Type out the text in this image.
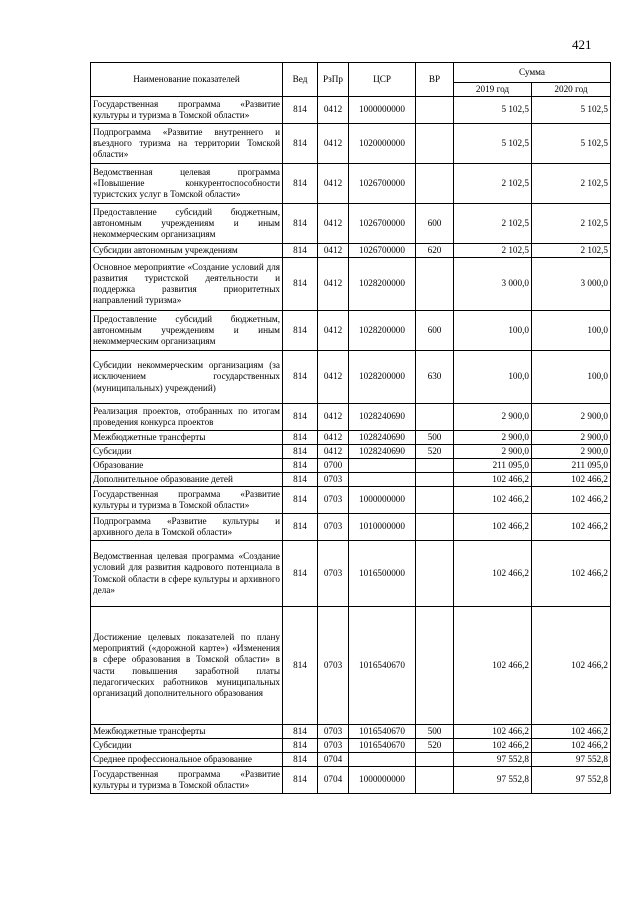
421
Наименование показателей	Вед	РзПр	ЦСР	ВР	Сумма	
					2019 год	2020 год
Государственная программа «Развитие культуры и туризма в Томской области»	814	0412	1000000000		5 102,5	5 102,5
Подпрограмма «Развитие внутреннего и въездного туризма на территории Томской области»	814	0412	1020000000		5 102,5	5 102,5
Ведомственная целевая программа «Повышение конкурентоспособности туристских услуг в Томской области»	814	0412	1026700000		2 102,5	2 102,5
Предоставление субсидий бюджетным, автономным учреждениям и иным некоммерческим организациям	814	0412	1026700000	600	2 102,5	2 102,5
Субсидии автономным учреждениям	814	0412	1026700000	620	2 102,5	2 102,5
Основное мероприятие «Создание условий для развития туристской деятельности и поддержка развития приоритетных направлений туризма»	814	0412	1028200000		3 000,0	3 000,0
Предоставление субсидий бюджетным, автономным учреждениям и иным некоммерческим организациям	814	0412	1028200000	600	100,0	100,0
Субсидии некоммерческим организациям (за исключением государственных (муниципальных) учреждений)	814	0412	1028200000	630	100,0	100,0
Реализация проектов, отобранных по итогам проведения конкурса проектов	814	0412	1028240690		2 900,0	2 900,0
Межбюджетные трансферты	814	0412	1028240690	500	2 900,0	2 900,0
Субсидии	814	0412	1028240690	520	2 900,0	2 900,0
Образование	814	0700			211 095,0	211 095,0
Дополнительное образование детей	814	0703			102 466,2	102 466,2
Государственная программа «Развитие культуры и туризма в Томской области»	814	0703	1000000000		102 466,2	102 466,2
Подпрограмма «Развитие культуры и архивного дела в Томской области»	814	0703	1010000000		102 466,2	102 466,2
Ведомственная целевая программа «Создание условий для развития кадрового потенциала в Томской области в сфере культуры и архивного дела»	814	0703	1016500000		102 466,2	102 466,2
Достижение целевых показателей по плану мероприятий («дорожной карте») «Изменения в сфере образования в Томской области» в части повышения заработной платы педагогических работников муниципальных организаций дополнительного образования	814	0703	1016540670		102 466,2	102 466,2
Межбюджетные трансферты	814	0703	1016540670	500	102 466,2	102 466,2
Субсидии	814	0703	1016540670	520	102 466,2	102 466,2
Среднее профессиональное образование	814	0704			97 552,8	97 552,8
Государственная программа «Развитие культуры и туризма в Томской области»	814	0704	1000000000		97 552,8	97 552,8
